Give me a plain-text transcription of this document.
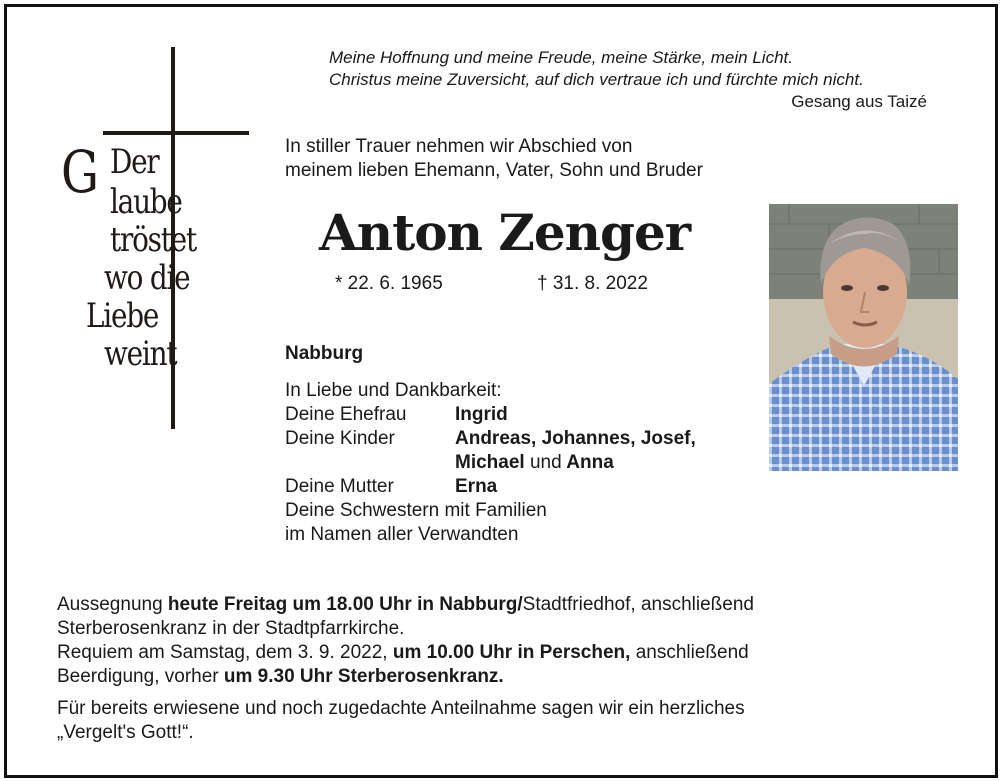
Meine Hoffnung und meine Freude, meine Stärke, mein Licht.
Christus meine Zuversicht, auf dich vertraue ich und fürchte mich nicht.
Gesang aus Taizé
G Der
laube
tröstet
wo die
Liebe
weint
In stiller Trauer nehmen wir Abschied von
meinem lieben Ehemann, Vater, Sohn und Bruder
Anton Zenger
* 22. 6. 1965	† 31. 8. 2022
Nabburg
In Liebe und Dankbarkeit:
Deine Ehefrau	Ingrid
Deine Kinder	Andreas, Johannes, Josef,
Michael und Anna
Deine Mutter	Erna
Deine Schwestern mit Familien
im Namen aller Verwandten
Aussegnung heute Freitag um 18.00 Uhr in Nabburg/Stadtfriedhof, anschließend
Sterberosenkranz in der Stadtpfarrkirche.
Requiem am Samstag, dem 3. 9. 2022, um 10.00 Uhr in Perschen, anschließend
Beerdigung, vorher um 9.30 Uhr Sterberosenkranz.
Für bereits erwiesene und noch zugedachte Anteilnahme sagen wir ein herzliches
„Vergelt's Gott!“.
